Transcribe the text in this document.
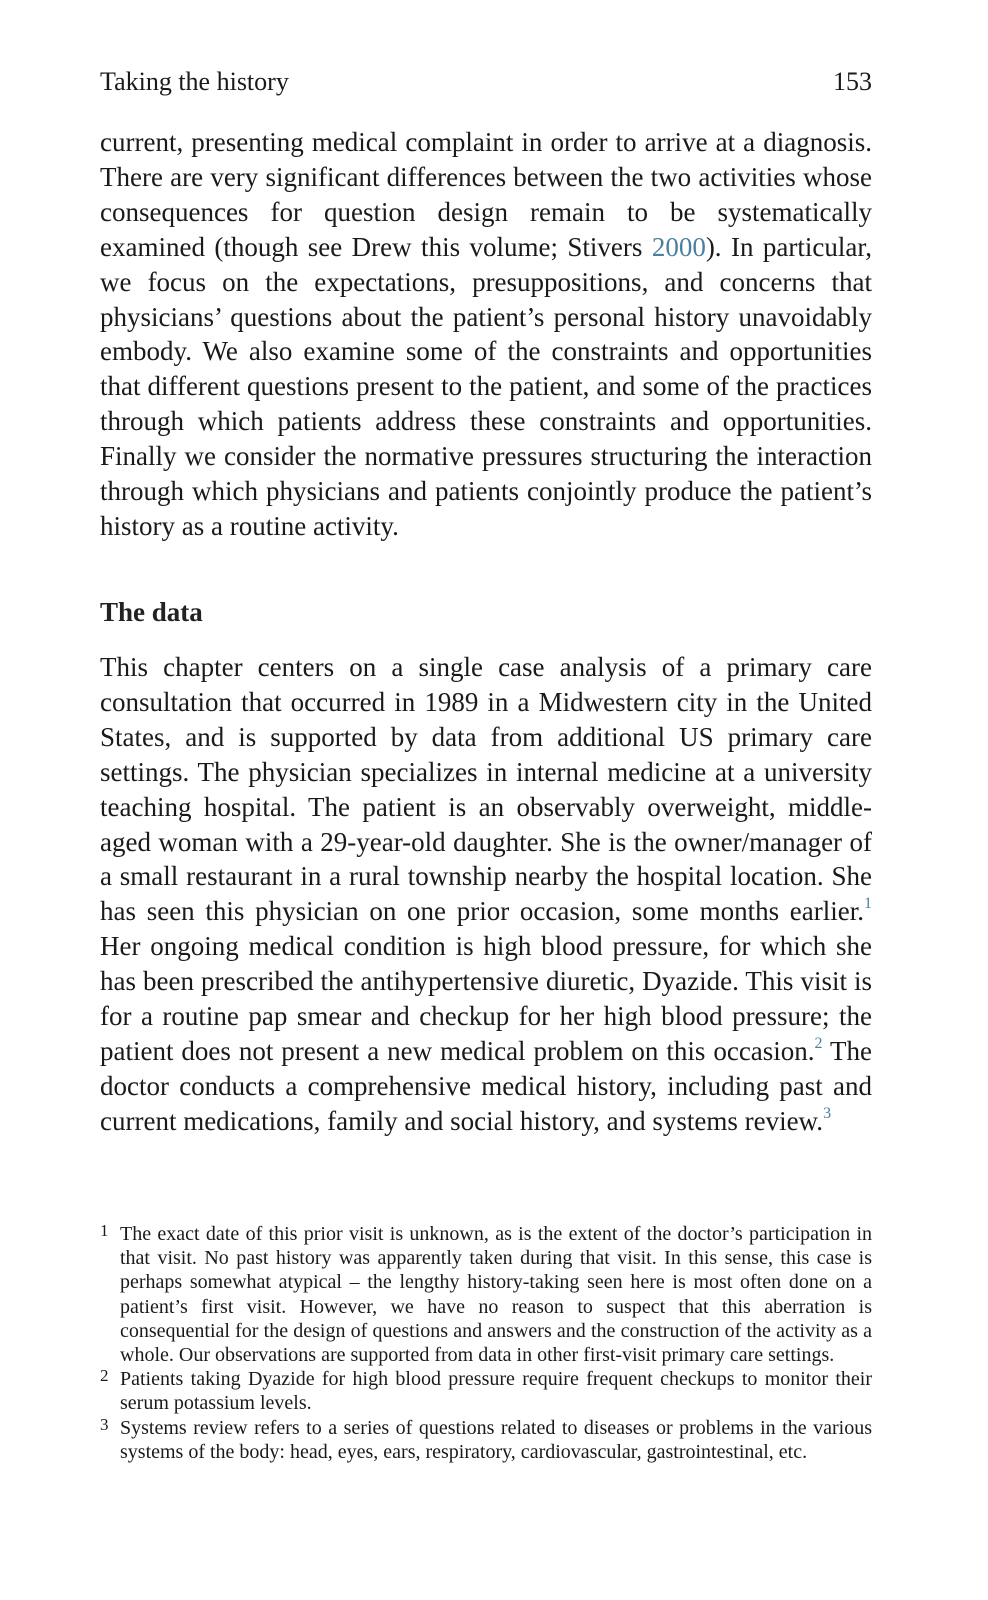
Taking the history	153

current, presenting medical complaint in order to arrive at a diagnosis. There are very significant differences between the two activities whose consequences for question design remain to be systematically examined (though see Drew this volume; Stivers 2000). In particular, we focus on the expectations, presuppositions, and concerns that physicians’ questions about the patient’s personal history unavoidably embody. We also examine some of the constraints and opportunities that different questions present to the patient, and some of the practices through which patients address these constraints and opportunities. Finally we consider the normative pressures structuring the interaction through which physicians and patients conjointly produce the patient’s history as a routine activity.

The data

This chapter centers on a single case analysis of a primary care consultation that occurred in 1989 in a Midwestern city in the United States, and is supported by data from additional US primary care settings. The physician specializes in internal medicine at a university teaching hospital. The patient is an observably overweight, middle-aged woman with a 29-year-old daughter. She is the owner/manager of a small restaurant in a rural township nearby the hospital location. She has seen this physician on one prior occasion, some months earlier.$^1$ Her ongoing medical condition is high blood pressure, for which she has been prescribed the antihypertensive diuretic, Dyazide. This visit is for a routine pap smear and checkup for her high blood pressure; the patient does not present a new medical problem on this occasion.$^2$ The doctor conducts a comprehensive medical history, including past and current medications, family and social history, and systems review.$^3$

1 The exact date of this prior visit is unknown, as is the extent of the doctor’s participation in that visit. No past history was apparently taken during that visit. In this sense, this case is perhaps somewhat atypical – the lengthy history-taking seen here is most often done on a patient’s first visit. However, we have no reason to suspect that this aberration is consequential for the design of questions and answers and the construction of the activity as a whole. Our observations are supported from data in other first-visit primary care settings.

2 Patients taking Dyazide for high blood pressure require frequent checkups to monitor their serum potassium levels.

3 Systems review refers to a series of questions related to diseases or problems in the various systems of the body: head, eyes, ears, respiratory, cardiovascular, gastrointestinal, etc.
